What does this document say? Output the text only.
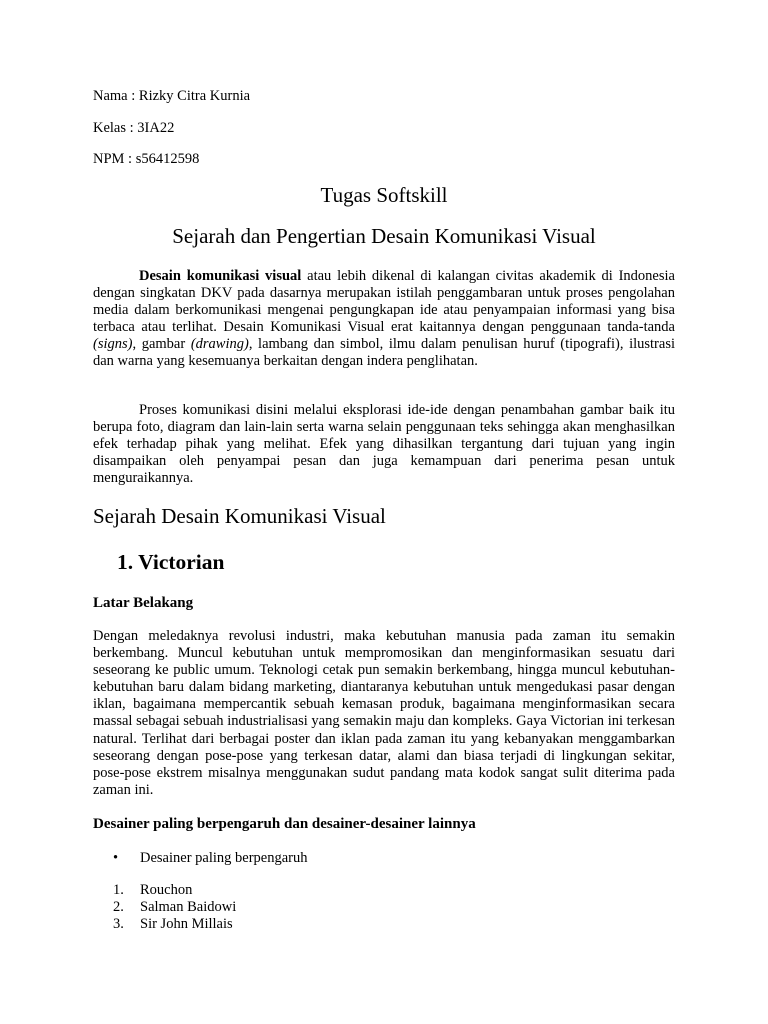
Nama : Rizky Citra Kurnia
Kelas : 3IA22
NPM : s56412598
Tugas Softskill
Sejarah dan Pengertian Desain Komunikasi Visual
Desain komunikasi visual atau lebih dikenal di kalangan civitas akademik di Indonesia dengan singkatan DKV pada dasarnya merupakan istilah penggambaran untuk proses pengolahan media dalam berkomunikasi mengenai pengungkapan ide atau penyampaian informasi yang bisa terbaca atau terlihat. Desain Komunikasi Visual erat kaitannya dengan penggunaan tanda-tanda (signs), gambar (drawing), lambang dan simbol, ilmu dalam penulisan huruf (tipografi), ilustrasi dan warna yang kesemuanya berkaitan dengan indera penglihatan.
Proses komunikasi disini melalui eksplorasi ide-ide dengan penambahan gambar baik itu berupa foto, diagram dan lain-lain serta warna selain penggunaan teks sehingga akan menghasilkan efek terhadap pihak yang melihat. Efek yang dihasilkan tergantung dari tujuan yang ingin disampaikan oleh penyampai pesan dan juga kemampuan dari penerima pesan untuk menguraikannya.
Sejarah Desain Komunikasi Visual
1. Victorian
Latar Belakang
Dengan meledaknya revolusi industri, maka kebutuhan manusia pada zaman itu semakin berkembang. Muncul kebutuhan untuk mempromosikan dan menginformasikan sesuatu dari seseorang ke public umum. Teknologi cetak pun semakin berkembang, hingga muncul kebutuhan-kebutuhan baru dalam bidang marketing, diantaranya kebutuhan untuk mengedukasi pasar dengan iklan, bagaimana mempercantik sebuah kemasan produk, bagaimana menginformasikan secara massal sebagai sebuah industrialisasi yang semakin maju dan kompleks. Gaya Victorian ini terkesan natural. Terlihat dari berbagai poster dan iklan pada zaman itu yang kebanyakan menggambarkan seseorang dengan pose-pose yang terkesan datar, alami dan biasa terjadi di lingkungan sekitar, pose-pose ekstrem misalnya menggunakan sudut pandang mata kodok sangat sulit diterima pada zaman ini.
Desainer paling berpengaruh dan desainer-desainer lainnya
•	Desainer paling berpengaruh
1. Rouchon
2. Salman Baidowi
3. Sir John Millais
